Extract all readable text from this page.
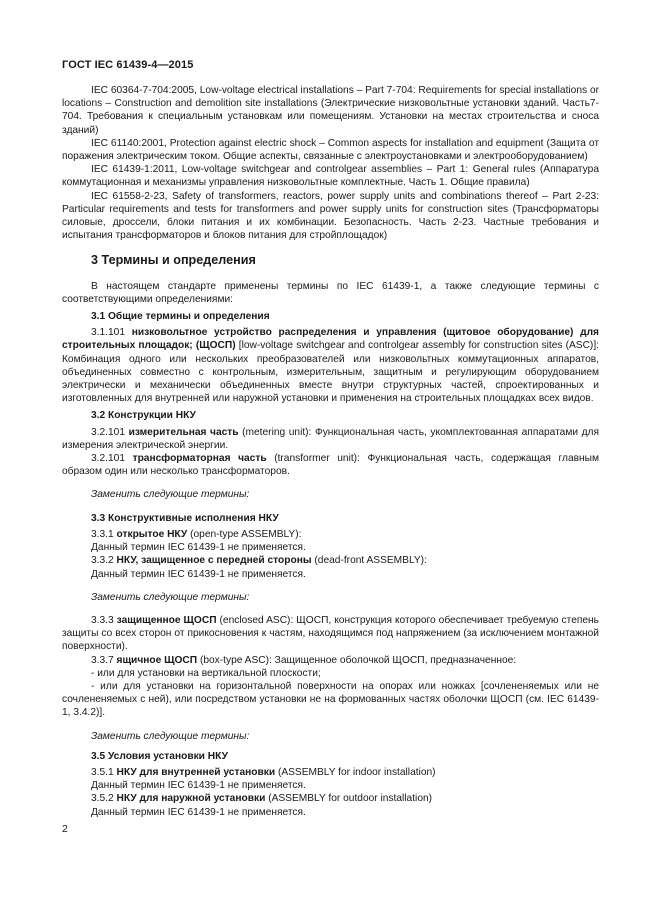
ГОСТ IEC 61439-4—2015

IEC 60364-7-704:2005, Low-voltage electrical installations – Part 7-704: Requirements for special installations or locations – Construction and demolition site installations (Электрические низковольтные установки зданий. Часть7-704. Требования к специальным установкам или помещениям. Установки на местах строительства и сноса зданий)

IEC 61140:2001, Protection against electric shock – Common aspects for installation and equipment (Защита от поражения электрическим током. Общие аспекты, связанные с электроустановками и электрооборудованием)

IEC 61439-1:2011, Low-voltage switchgear and controlgear assemblies – Part 1: General rules (Аппаратура коммутационная и механизмы управления низковольтные комплектные. Часть 1. Общие правила)

IEC 61558-2-23, Safety of transformers, reactors, power supply units and combinations thereof – Part 2-23: Particular requirements and tests for transformers and power supply units for construction sites (Трансформаторы силовые, дроссели, блоки питания и их комбинации. Безопасность. Часть 2-23. Частные требования и испытания трансформаторов и блоков питания для стройплощадок)

3 Термины и определения

В настоящем стандарте применены термины по IEC 61439-1, а также следующие термины с соответствующими определениями:

3.1 Общие термины и определения

3.1.101 низковольтное устройство распределения и управления (щитовое оборудование) для строительных площадок; (ЩОСП) [low-voltage switchgear and controlgear assembly for construction sites (ASC)]: Комбинация одного или нескольких преобразователей или низковольтных коммутационных аппаратов, объединенных совместно с контрольным, измерительным, защитным и регулирующим оборудованием электрически и механически объединенных вместе внутри структурных частей, спроектированных и изготовленных для внутренней или наружной установки и применения на строительных площадках всех видов.

3.2 Конструкции НКУ

3.2.101 измерительная часть (metering unit): Функциональная часть, укомплектованная аппаратами для измерения электрической энергии.

3.2.101 трансформаторная часть (transformer unit): Функциональная часть, содержащая главным образом один или несколько трансформаторов.

Заменить следующие термины:
3.3 Конструктивные исполнения НКУ

3.3.1 открытое НКУ (open-type ASSEMBLY):

Данный термин IEC 61439-1 не применяется.

3.3.2 НКУ, защищенное с передней стороны (dead-front ASSEMBLY):

Данный термин IEC 61439-1 не применяется.

Заменить следующие термины:

3.3.3 защищенное ЩОСП (enclosed ASC): ЩОСП, конструкция которого обеспечивает требуемую степень защиты со всех сторон от прикосновения к частям, находящимся под напряжением (за исключением монтажной поверхности).

3.3.7 ящичное ЩОСП (box-type ASC): Защищенное оболочкой ЩОСП, предназначенное:

- или для установки на вертикальной плоскости;

- или для установки на горизонтальной поверхности на опорах или ножках [сочлененяемых или не сочлененяемых с ней), или посредством установки не на формованных частях оболочки ЩОСП (см. IEC 61439-1, 3.4.2)].

Заменить следующие термины:
3.5 Условия установки НКУ

3.5.1 НКУ для внутренней установки (ASSEMBLY for indoor installation)

Данный термин IEC 61439-1 не применяется.

3.5.2 НКУ для наружной установки (ASSEMBLY for outdoor installation)

Данный термин IEC 61439-1 не применяется.

2
